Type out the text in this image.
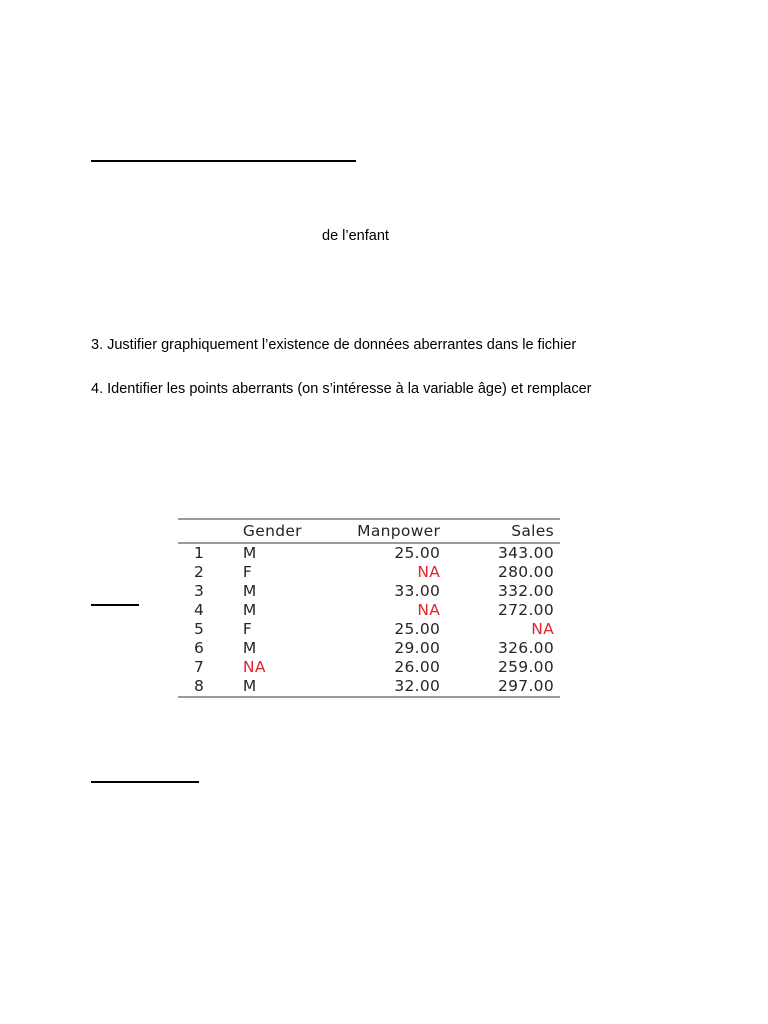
de l’enfant
3. Justifier graphiquement l’existence de données aberrantes dans le fichier
4. Identifier les points aberrants (on s’intéresse à la variable âge) et remplacer
	Gender	Manpower	Sales
1	M	25.00	343.00
2	F	NA	280.00
3	M	33.00	332.00
4	M	NA	272.00
5	F	25.00	NA
6	M	29.00	326.00
7	NA	26.00	259.00
8	M	32.00	297.00
